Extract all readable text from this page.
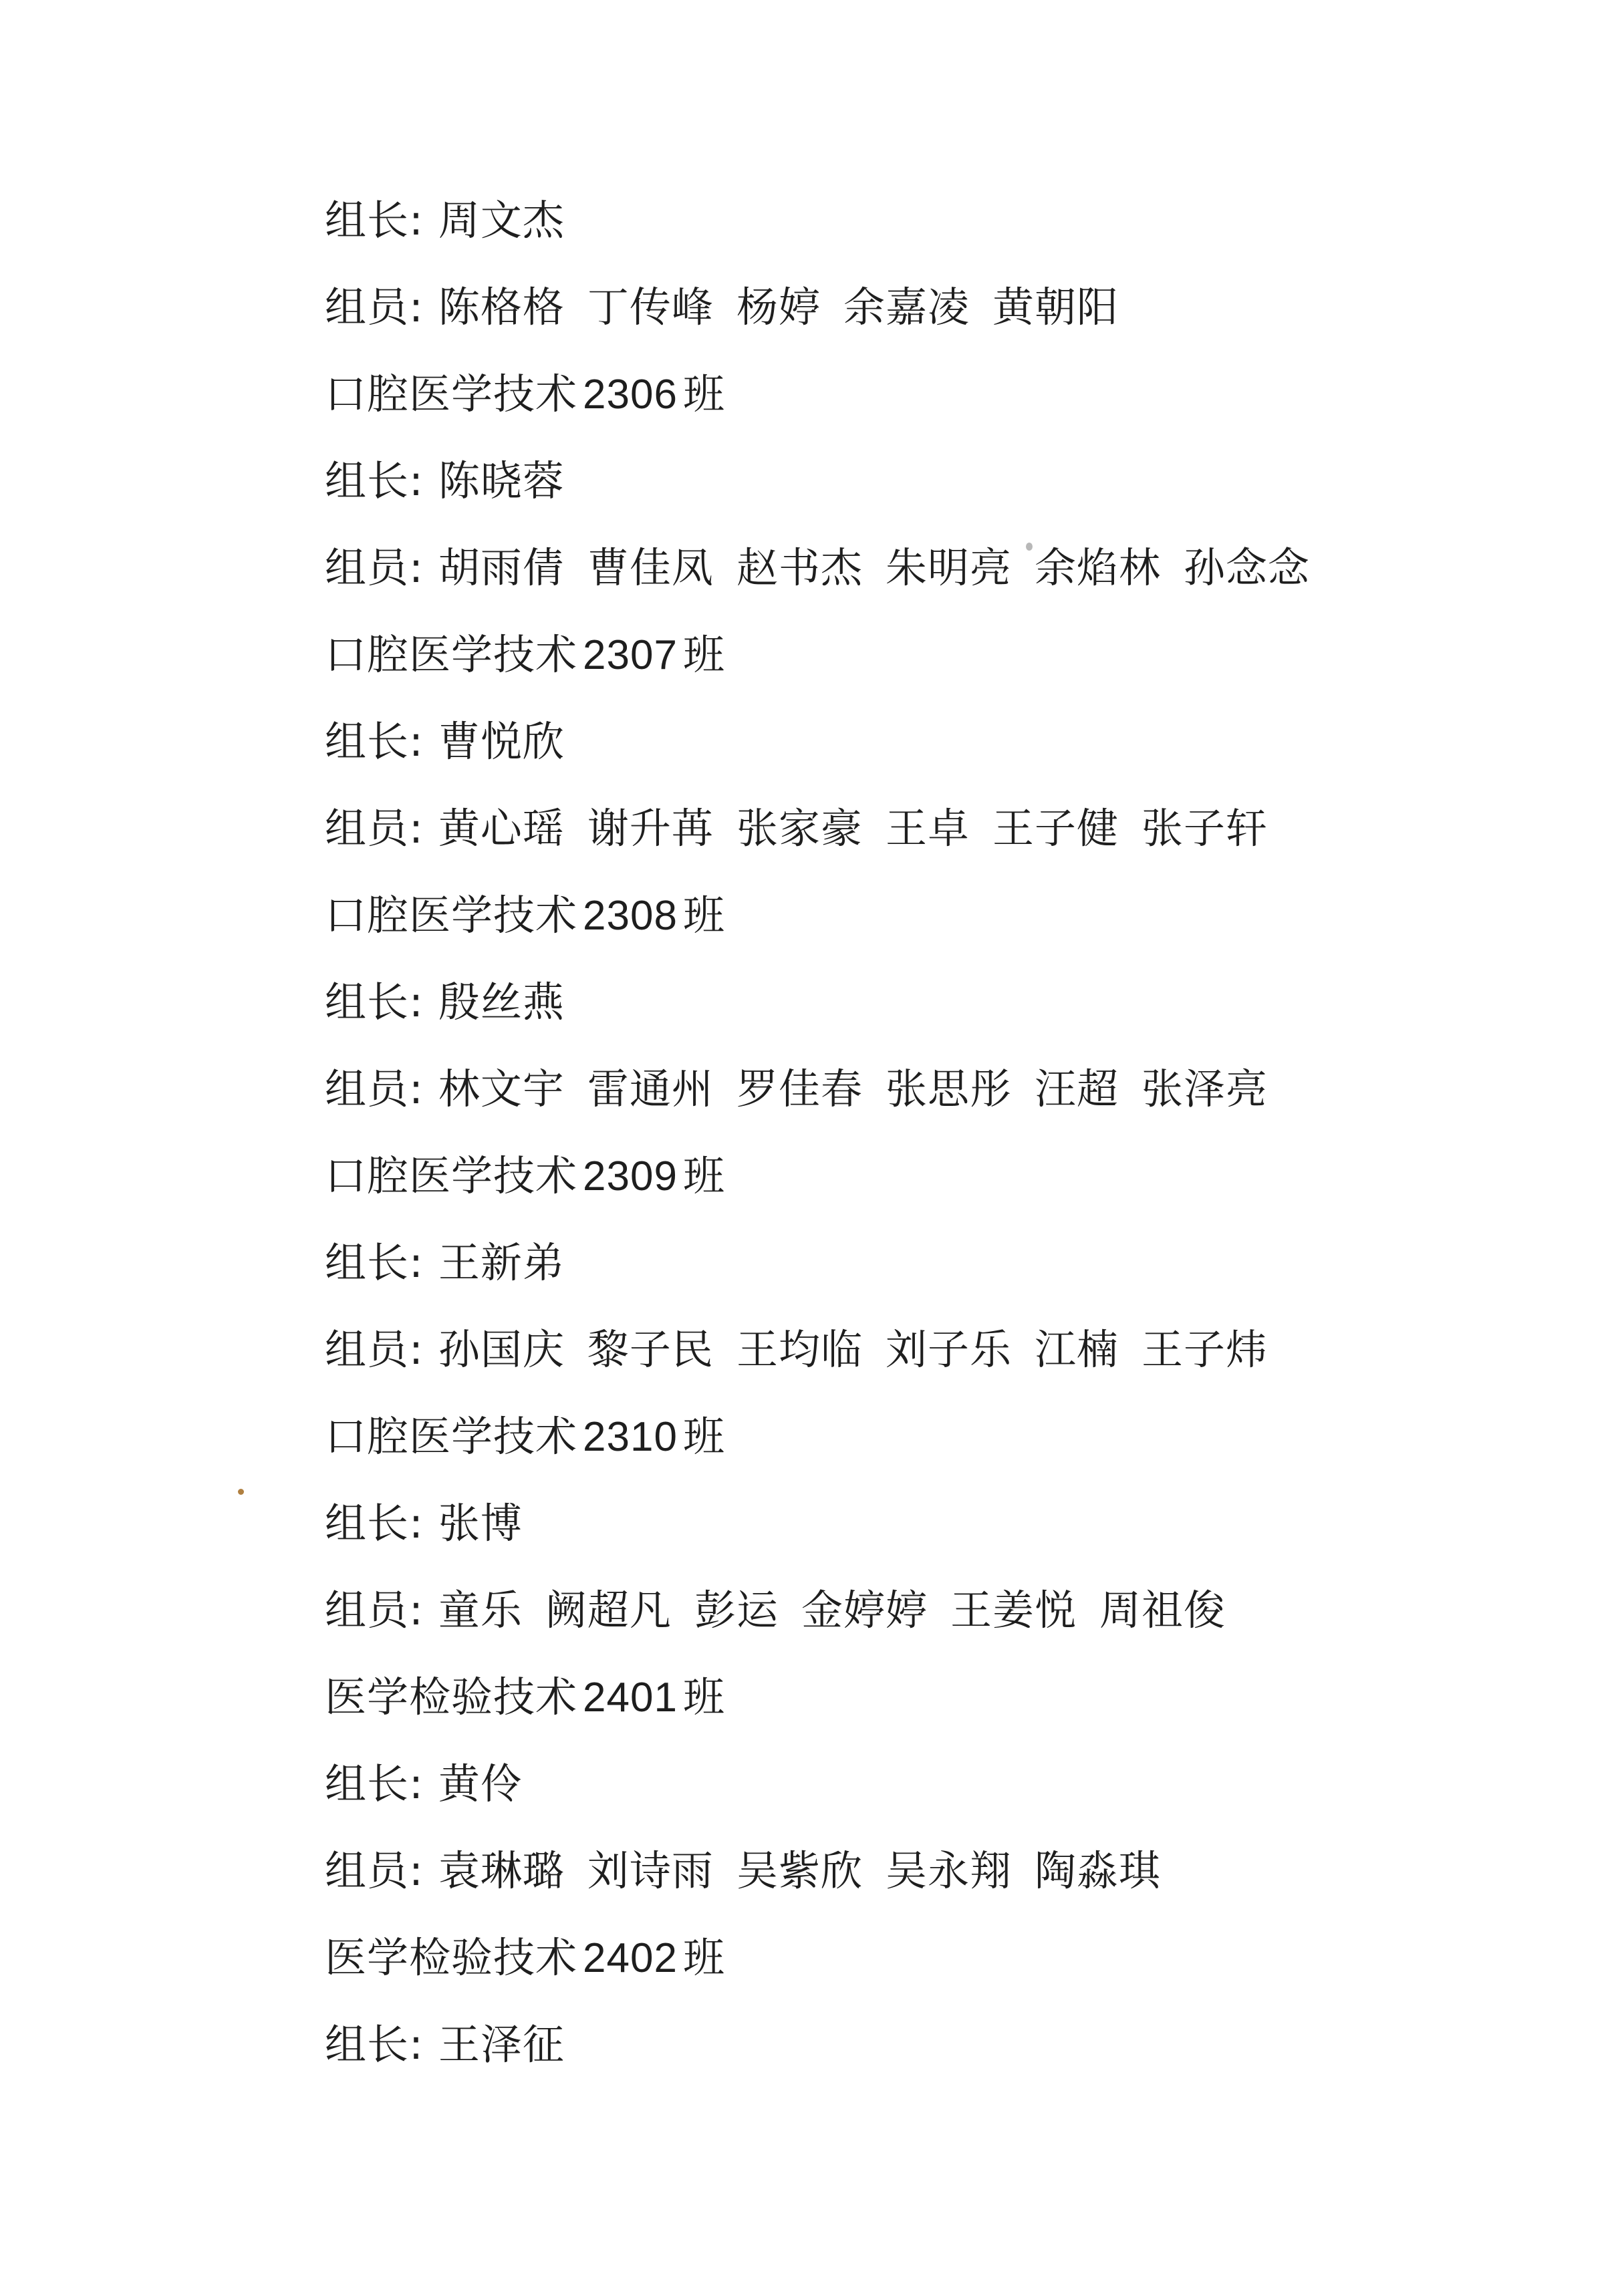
组长: 周文杰
组员: 陈格格 丁传峰 杨婷 余嘉凌 黄朝阳
口腔医学技术 2306 班
组长: 陈晓蓉
组员: 胡雨倩 曹佳凤 赵书杰 朱明亮 余焰林 孙念念
口腔医学技术 2307 班
组长: 曹悦欣
组员: 黄心瑶 谢升苒 张家豪 王卓 王子健 张子轩
口腔医学技术 2308 班
组长: 殷丝燕
组员: 林文宇 雷通州 罗佳春 张思彤 汪超 张泽亮
口腔医学技术 2309 班
组长: 王新弟
组员: 孙国庆 黎子民 王均临 刘子乐 江楠 王子炜
口腔医学技术 2310 班
组长: 张博
组员: 童乐 阙超凡 彭运 金婷婷 王姜悦 周祖俊
医学检验技术 2401 班
组长: 黄伶
组员: 袁琳璐 刘诗雨 吴紫欣 吴永翔 陶淼琪
医学检验技术 2402 班
组长: 王泽征
